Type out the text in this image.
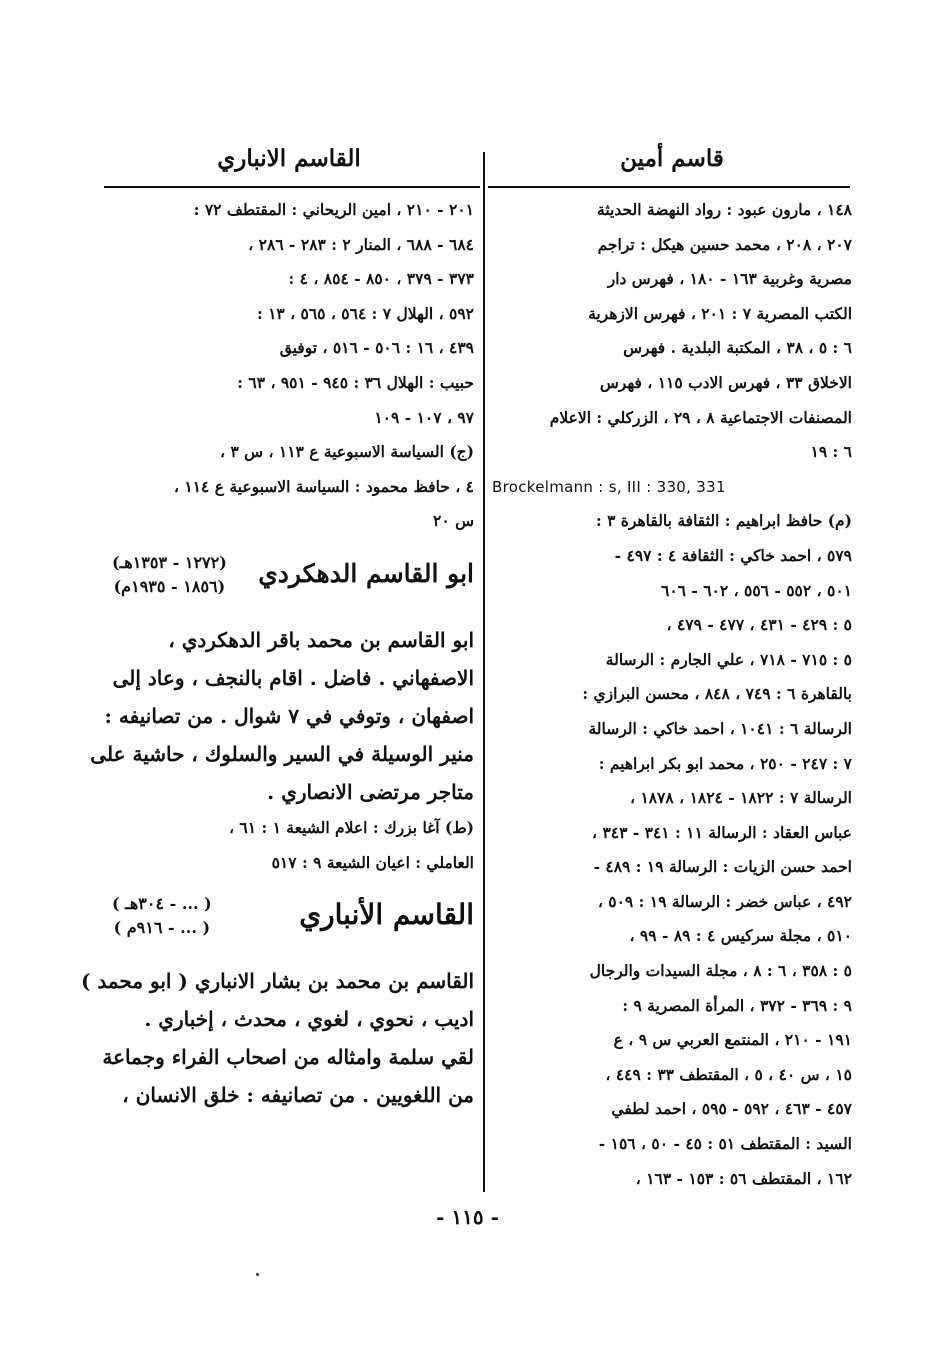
قاسم أمين
١٤٨ ، مارون عبود : رواد النهضة الحديثة
٢٠٧ ، ٢٠٨ ، محمد حسين هيكل : تراجم
مصرية وغربية ١٦٣ - ١٨٠ ، فهرس دار
الكتب المصرية ٧ : ٢٠١ ، فهرس الازهرية
٦ : ٥ ، ٣٨ ، المكتبة البلدية . فهرس
الاخلاق ٣٣ ، فهرس الادب ١١٥ ، فهرس
المصنفات الاجتماعية ٨ ، ٢٩ ، الزركلي : الاعلام
٦ : ١٩
Brockelmann : s, III : 330, 331
(م) حافظ ابراهيم : الثقافة بالقاهرة ٣ :
٥٧٩ ، احمد خاكي : الثقافة ٤ : ٤٩٧ -
٥٠١ ، ٥٥٢ - ٥٥٦ ، ٦٠٢ - ٦٠٦
٥ : ٤٢٩ - ٤٣١ ، ٤٧٧ - ٤٧٩ ،
٥ : ٧١٥ - ٧١٨ ، علي الجارم : الرسالة
بالقاهرة ٦ : ٧٤٩ ، ٨٤٨ ، محسن البرازي :
الرسالة ٦ : ١٠٤١ ، احمد خاكي : الرسالة
٧ : ٢٤٧ - ٢٥٠ ، محمد ابو بكر ابراهيم :
الرسالة ٧ : ١٨٢٢ - ١٨٢٤ ، ١٨٧٨ ،
عباس العقاد : الرسالة ١١ : ٣٤١ - ٣٤٣ ،
احمد حسن الزيات : الرسالة ١٩ : ٤٨٩ -
٤٩٢ ، عباس خضر : الرسالة ١٩ : ٥٠٩ ،
٥١٠ ، مجلة سركيس ٤ : ٨٩ - ٩٩ ،
٥ : ٣٥٨ ، ٦ : ٨ ، مجلة السيدات والرجال
٩ : ٣٦٩ - ٣٧٢ ، المرأة المصرية ٩ :
١٩١ - ٢١٠ ، المنتمع العربي س ٩ ، ع
١٥ ، س ٤٠ ، ٥ ، المقتطف ٣٣ : ٤٤٩ ،
٤٥٧ - ٤٦٣ ، ٥٩٢ - ٥٩٥ ، احمد لطفي
السيد : المقتطف ٥١ : ٤٥ - ٥٠ ، ١٥٦ -
١٦٢ ، المقتطف ٥٦ : ١٥٣ - ١٦٣ ،
القاسم الانباري
٢٠١ - ٢١٠ ، امين الريحاني : المقتطف ٧٢ :
٦٨٤ - ٦٨٨ ، المنار ٢ : ٢٨٣ - ٢٨٦ ،
٣٧٣ - ٣٧٩ ، ٨٥٠ - ٨٥٤ ، ٤ :
٥٩٢ ، الهلال ٧ : ٥٦٤ ، ٥٦٥ ، ١٣ :
٤٣٩ ، ١٦ : ٥٠٦ - ٥١٦ ، توفيق
حبيب : الهلال ٣٦ : ٩٤٥ - ٩٥١ ، ٦٣ :
٩٧ ، ١٠٧ - ١٠٩
(ج) السياسة الاسبوعية ع ١١٣ ، س ٣ ،
٤ ، حافظ محمود : السياسة الاسبوعية ع ١١٤ ،
س ٢٠
ابو القاسم الدهكردي
(١٢٧٢ - ١٣٥٣هـ)
(١٨٥٦ - ١٩٣٥م)
ابو القاسم بن محمد باقر الدهكردي ،
الاصفهاني . فاضل . اقام بالنجف ، وعاد إلى
اصفهان ، وتوفي في ٧ شوال . من تصانيفه :
منير الوسيلة في السير والسلوك ، حاشية على
متاجر مرتضى الانصاري .
(ط) آغا بزرك : اعلام الشيعة ١ : ٦١ ،
العاملي : اعيان الشيعة ٩ : ٥١٧
القاسم الأنباري
( ... - ٣٠٤هـ )
( ... - ٩١٦م )
القاسم بن محمد بن بشار الانباري ( ابو محمد )
اديب ، نحوي ، لغوي ، محدث ، إخباري .
لقي سلمة وامثاله من اصحاب الفراء وجماعة
من اللغويين . من تصانيفه : خلق الانسان ،
- ١١٥ -
